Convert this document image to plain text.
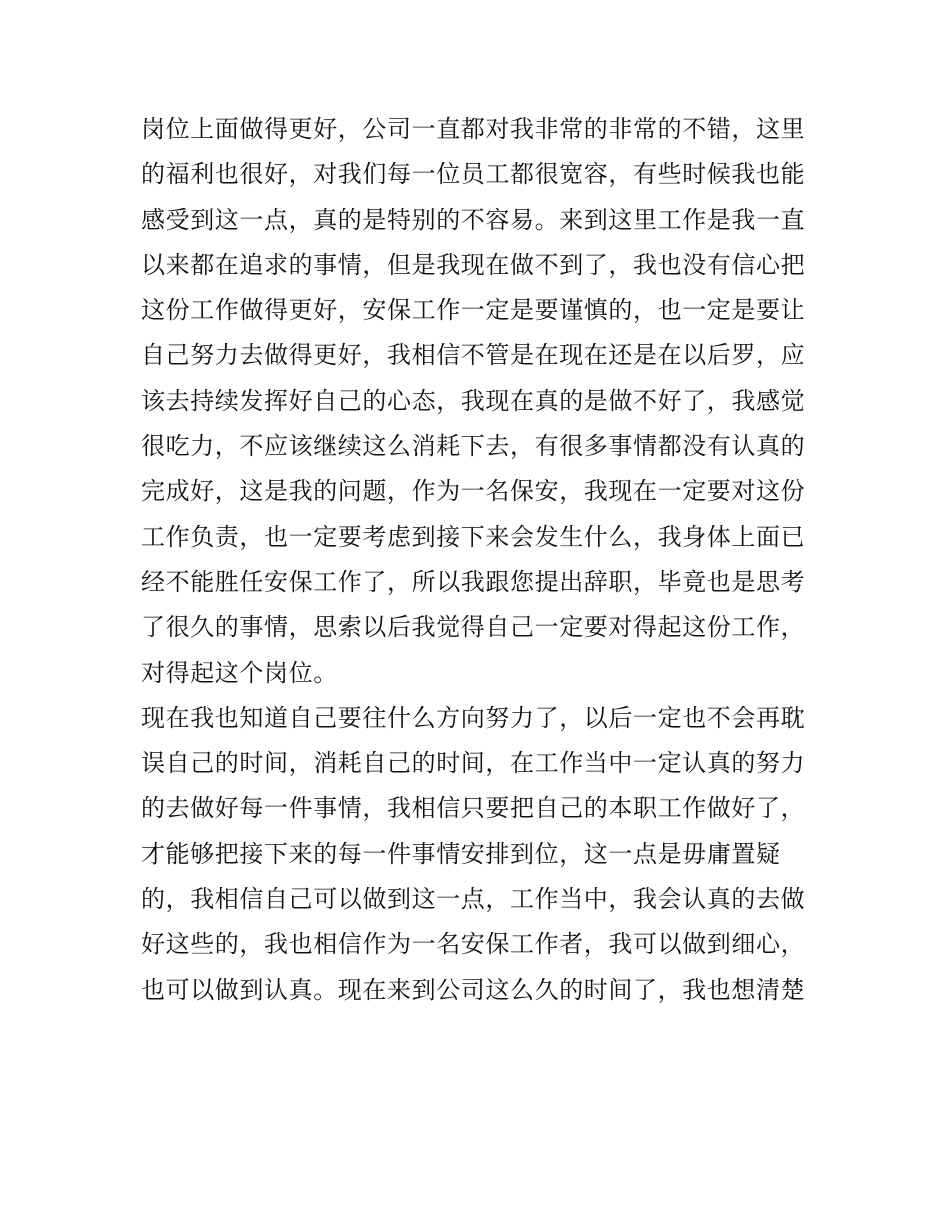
岗位上面做得更好，公司一直都对我非常的非常的不错，这里
的福利也很好，对我们每一位员工都很宽容，有些时候我也能
感受到这一点，真的是特别的不容易。来到这里工作是我一直
以来都在追求的事情，但是我现在做不到了，我也没有信心把
这份工作做得更好，安保工作一定是要谨慎的，也一定是要让
自己努力去做得更好，我相信不管是在现在还是在以后罗，应
该去持续发挥好自己的心态，我现在真的是做不好了，我感觉
很吃力，不应该继续这么消耗下去，有很多事情都没有认真的
完成好，这是我的问题，作为一名保安，我现在一定要对这份
工作负责，也一定要考虑到接下来会发生什么，我身体上面已
经不能胜任安保工作了，所以我跟您提出辞职，毕竟也是思考
了很久的事情，思索以后我觉得自己一定要对得起这份工作，
对得起这个岗位。
现在我也知道自己要往什么方向努力了，以后一定也不会再耽
误自己的时间，消耗自己的时间，在工作当中一定认真的努力
的去做好每一件事情，我相信只要把自己的本职工作做好了，
才能够把接下来的每一件事情安排到位，这一点是毋庸置疑
的，我相信自己可以做到这一点，工作当中，我会认真的去做
好这些的，我也相信作为一名安保工作者，我可以做到细心，
也可以做到认真。现在来到公司这么久的时间了，我也想清楚
